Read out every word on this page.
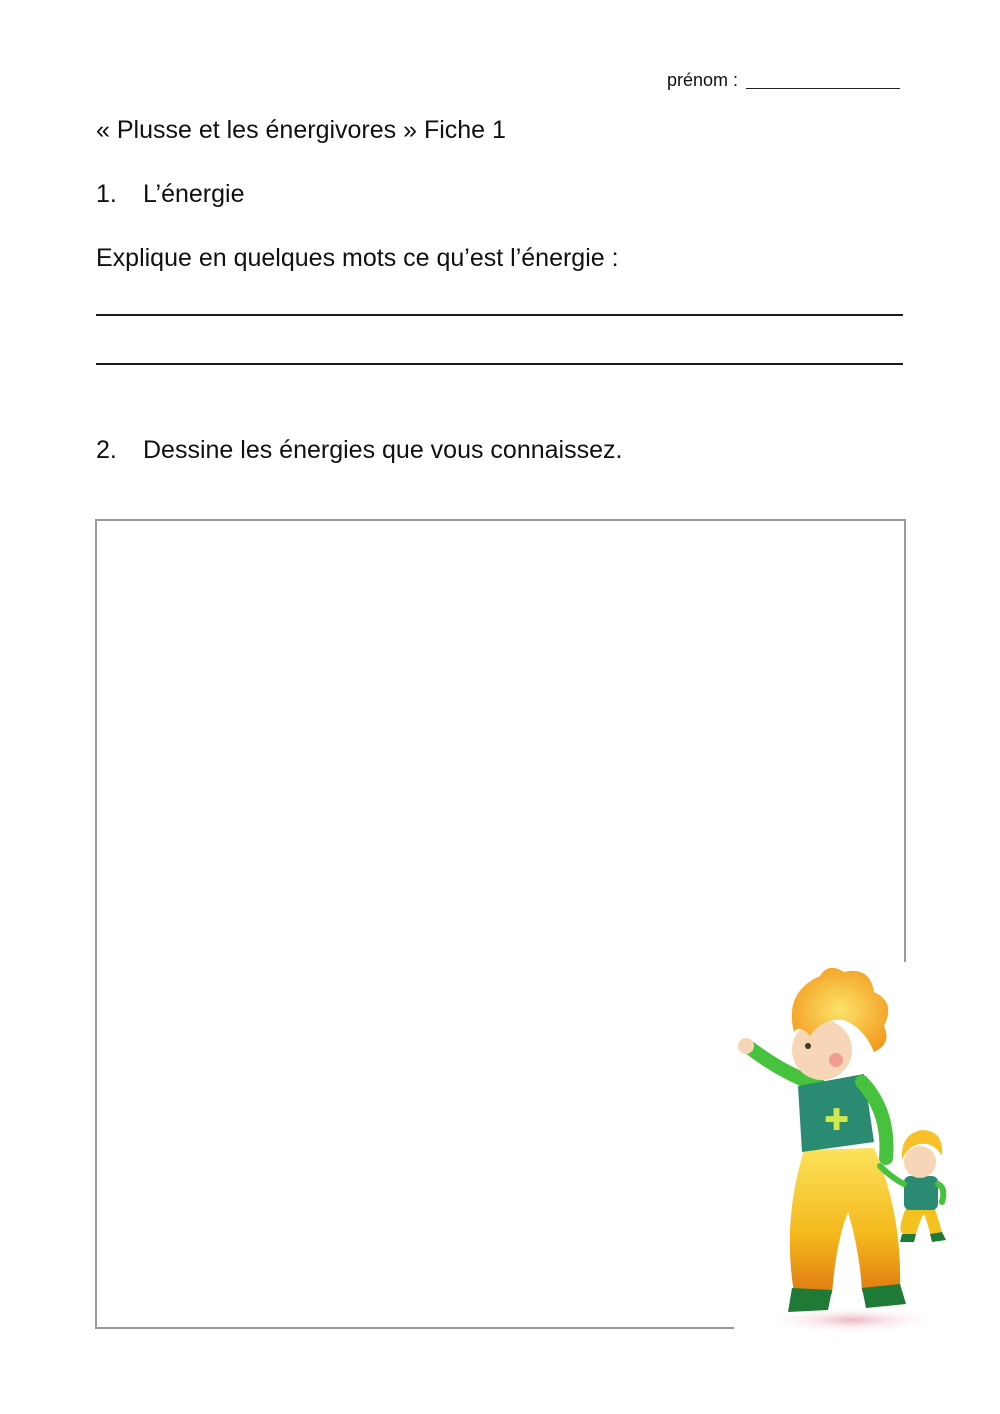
prénom :
« Plusse et les énergivores » Fiche 1
1. L’énergie
Explique en quelques mots ce qu’est l’énergie :
2. Dessine les énergies que vous connaissez.
✚
